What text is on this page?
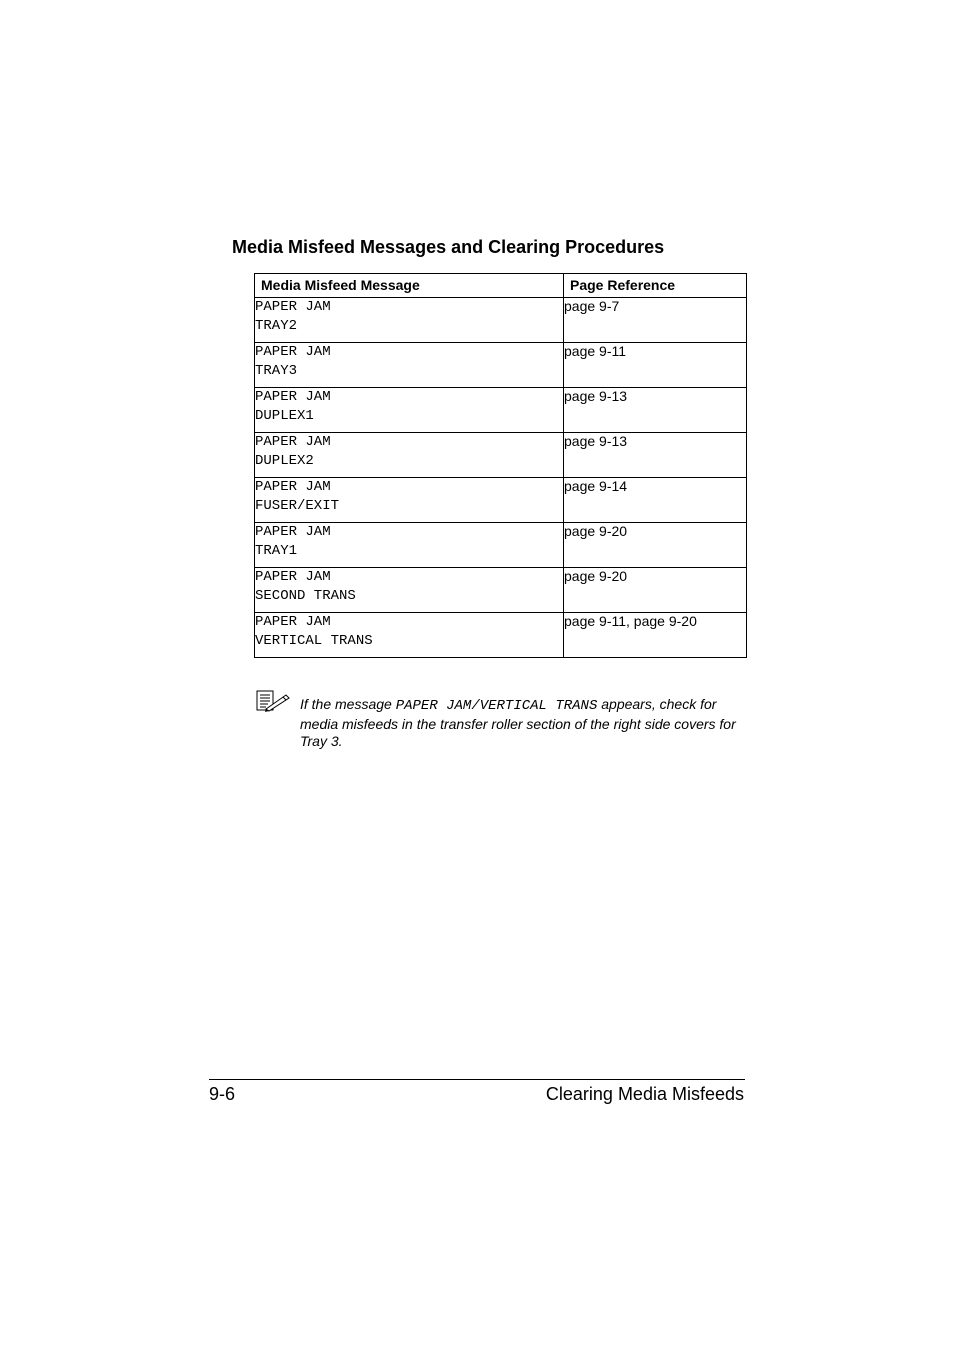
Media Misfeed Messages and Clearing Procedures
Media Misfeed Message	Page Reference

PAPER JAM
TRAY2	page 9-7

PAPER JAM
TRAY3	page 9-11

PAPER JAM
DUPLEX1	page 9-13

PAPER JAM
DUPLEX2	page 9-13

PAPER JAM
FUSER/EXIT	page 9-14

PAPER JAM
TRAY1	page 9-20

PAPER JAM
SECOND TRANS	page 9-20

PAPER JAM
VERTICAL TRANS	page 9-11, page 9-20
If the message PAPER JAM/VERTICAL TRANS appears, check for media misfeeds in the transfer roller section of the right side covers for Tray 3.
9-6	Clearing Media Misfeeds
